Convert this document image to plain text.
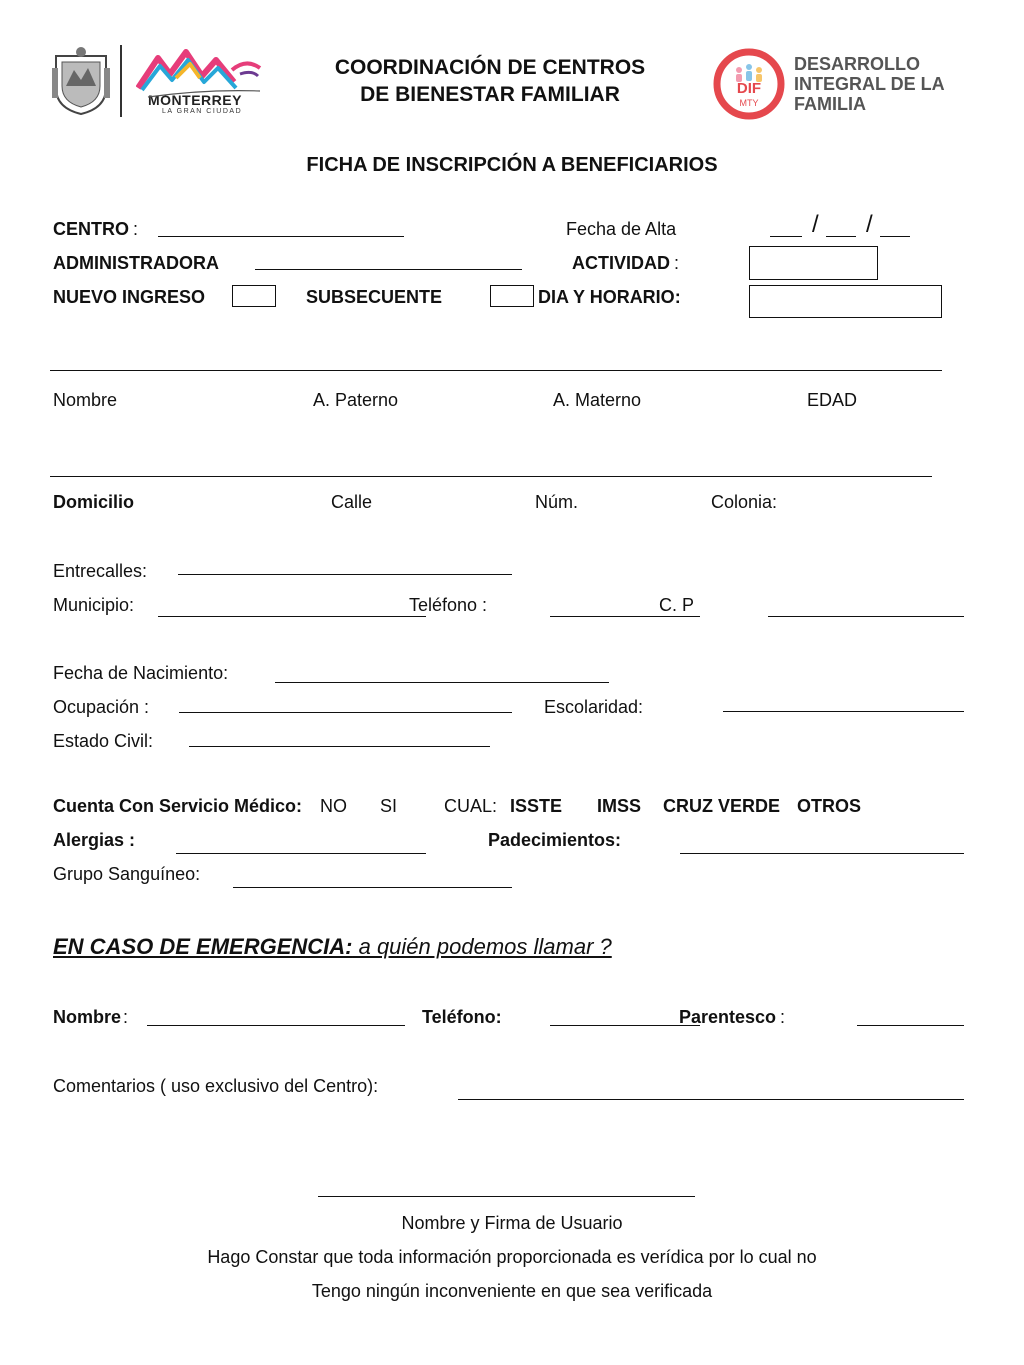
MONTERREY
LA GRAN CIUDAD
COORDINACIÓN DE CENTROS
DE BIENESTAR FAMILIAR	DIF
MTY
DESARROLLO
INTEGRAL DE LA
FAMILIA
FICHA DE INSCRIPCIÓN A BENEFICIARIOS
CENTRO :	Fecha de Alta	/ /
ADMINISTRADORA	ACTIVIDAD :
NUEVO INGRESO	SUBSECUENTE	DIA Y HORARIO:
Nombre	A. Paterno	A. Materno	EDAD
Domicilio	Calle	Núm.	Colonia:
Entrecalles:
Municipio:	Teléfono :	C. P
Fecha de Nacimiento:
Ocupación :	Escolaridad:
Estado Civil:
Cuenta Con Servicio Médico: NO SI	CUAL: ISSTE IMSS CRUZ VERDE OTROS
Alergias :	Padecimientos:
Grupo Sanguíneo:
EN CASO DE EMERGENCIA: a quién podemos llamar ?
Nombre :	Teléfono:	Parentesco :
Comentarios ( uso exclusivo del Centro):
Nombre y Firma de Usuario
Hago Constar que toda información proporcionada es verídica por lo cual no
Tengo ningún inconveniente en que sea verificada
